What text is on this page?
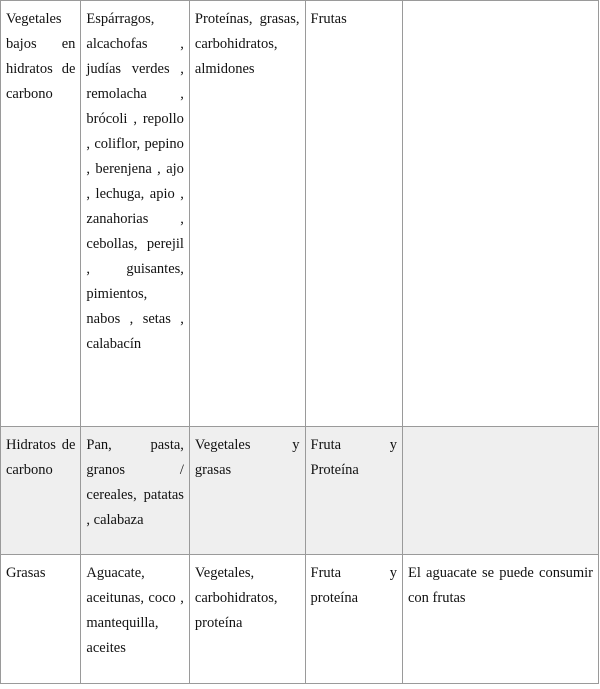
Vegetales bajos en hidratos de carbono	Espárragos, alcachofas , judías verdes , remolacha , brócoli , repollo , coliflor, pepino , berenjena , ajo , lechuga, apio , zanahorias , cebollas, perejil , guisantes, pimientos, nabos , setas , calabacín	Proteínas, grasas, carbohidratos, almidones	Frutas	
Hidratos de carbono	Pan, pasta, granos / cereales, patatas , calabaza	Vegetales y grasas	Fruta y Proteína	
Grasas	Aguacate, aceitunas, coco , mantequilla, aceites	Vegetales, carbohidratos, proteína	Fruta y proteína	El aguacate se puede consumir con frutas
